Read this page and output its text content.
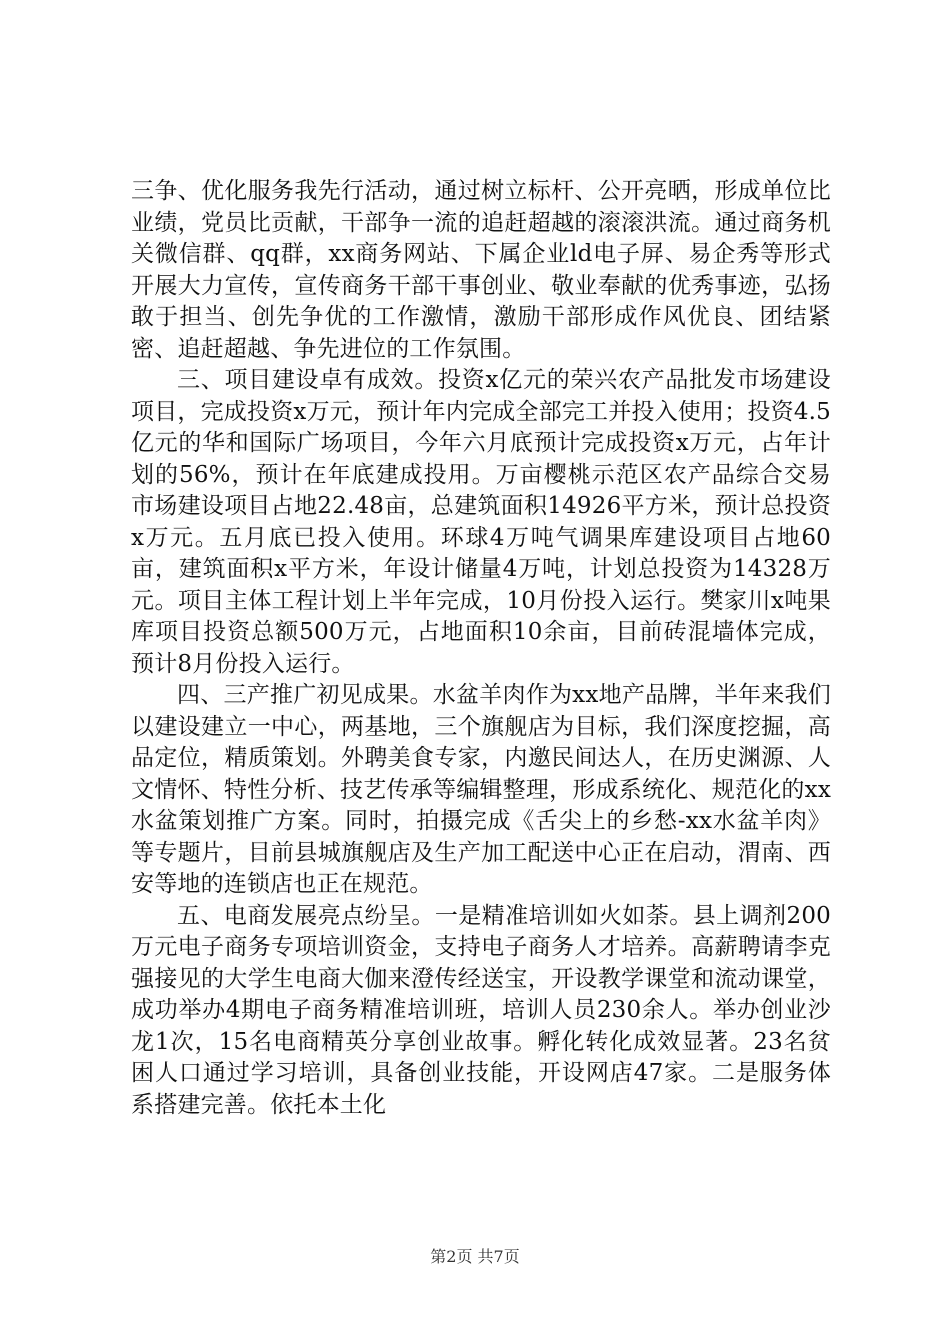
三争、优化服务我先行活动，通过树立标杆、公开亮晒，形成单位比业绩，党员比贡献，干部争一流的追赶超越的滚滚洪流。通过商务机关微信群、qq群，xx商务网站、下属企业ld电子屏、易企秀等形式开展大力宣传，宣传商务干部干事创业、敬业奉献的优秀事迹，弘扬敢于担当、创先争优的工作激情，激励干部形成作风优良、团结紧密、追赶超越、争先进位的工作氛围。

三、项目建设卓有成效。投资x亿元的荣兴农产品批发市场建设项目，完成投资x万元，预计年内完成全部完工并投入使用；投资4.5亿元的华和国际广场项目，今年六月底预计完成投资x万元，占年计划的56%，预计在年底建成投用。万亩樱桃示范区农产品综合交易市场建设项目占地22.48亩，总建筑面积14926平方米，预计总投资x万元。五月底已投入使用。环球4万吨气调果库建设项目占地60亩，建筑面积x平方米，年设计储量4万吨，计划总投资为14328万元。项目主体工程计划上半年完成，10月份投入运行。樊家川x吨果库项目投资总额500万元，占地面积10余亩，目前砖混墙体完成，预计8月份投入运行。

四、三产推广初见成果。水盆羊肉作为xx地产品牌，半年来我们以建设建立一中心，两基地，三个旗舰店为目标，我们深度挖掘，高品定位，精质策划。外聘美食专家，内邀民间达人，在历史渊源、人文情怀、特性分析、技艺传承等编辑整理，形成系统化、规范化的xx水盆策划推广方案。同时，拍摄完成《舌尖上的乡愁-xx水盆羊肉》等专题片，目前县城旗舰店及生产加工配送中心正在启动，渭南、西安等地的连锁店也正在规范。

五、电商发展亮点纷呈。一是精准培训如火如荼。县上调剂200万元电子商务专项培训资金，支持电子商务人才培养。高薪聘请李克强接见的大学生电商大伽来澄传经送宝，开设教学课堂和流动课堂，成功举办4期电子商务精准培训班，培训人员230余人。举办创业沙龙1次，15名电商精英分享创业故事。孵化转化成效显著。23名贫困人口通过学习培训，具备创业技能，开设网店47家。二是服务体系搭建完善。依托本土化

第2页 共7页
